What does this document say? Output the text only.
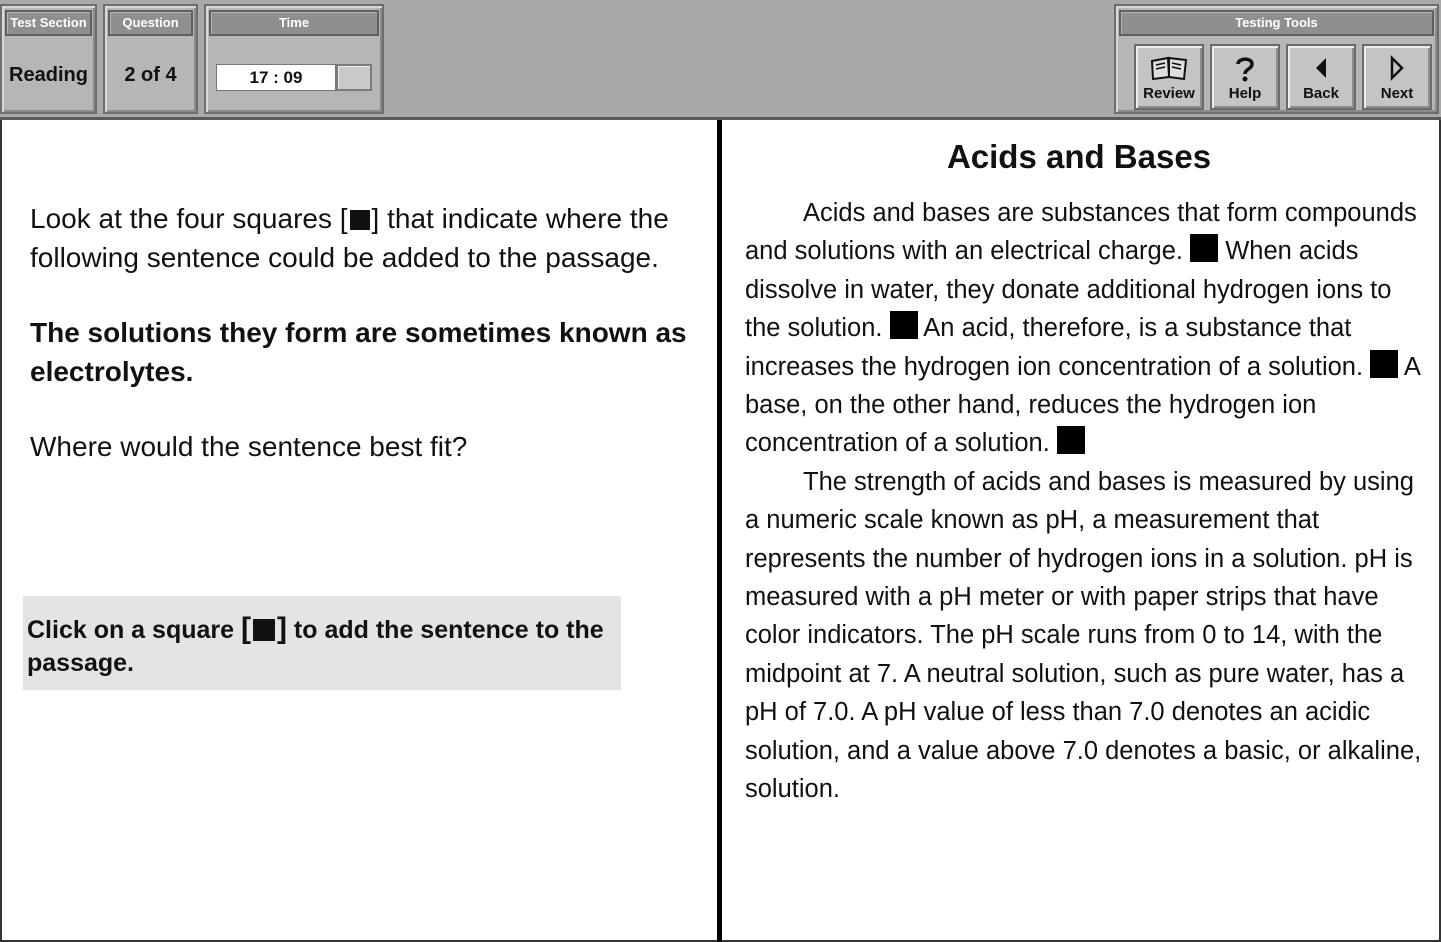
Test Section
Reading
Question
2 of 4
Time
17 : 09
Testing Tools
Review	Help	Back	Next

Look at the four squares [ ] that indicate where the following sentence could be added to the passage.

The solutions they form are sometimes known as electrolytes.

Where would the sentence best fit?

Click on a square [ ] to add the sentence to the passage.
Acids and Bases
Acids and bases are substances that form compounds and solutions with an electrical charge. When acids dissolve in water, they donate additional hydrogen ions to the solution. An acid, therefore, is a substance that increases the hydrogen ion concentration of a solution. A base, on the other hand, reduces the hydrogen ion concentration of a solution.
The strength of acids and bases is measured by using a numeric scale known as pH, a measurement that represents the number of hydrogen ions in a solution. pH is measured with a pH meter or with paper strips that have color indicators. The pH scale runs from 0 to 14, with the midpoint at 7. A neutral solution, such as pure water, has a pH of 7.0. A pH value of less than 7.0 denotes an acidic solution, and a value above 7.0 denotes a basic, or alkaline, solution.
